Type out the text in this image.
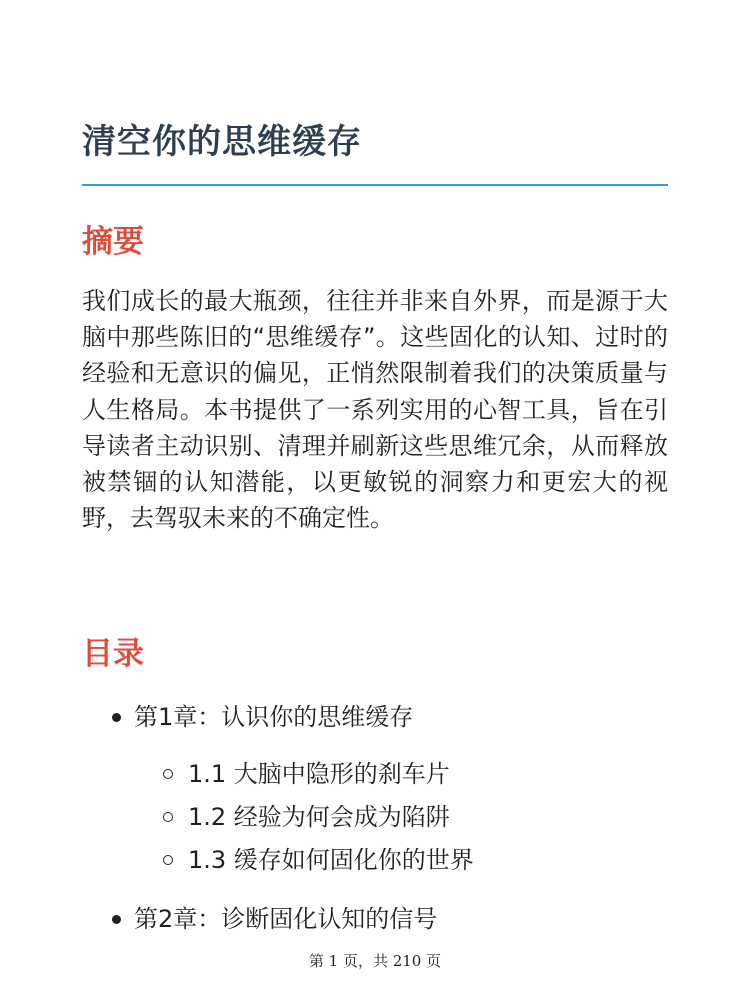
清空你的思维缓存
摘要

我们成长的最大瓶颈，往往并非来自外界，而是源于大脑中那些陈旧的“思维缓存”。这些固化的认知、过时的经验和无意识的偏见，正悄然限制着我们的决策质量与人生格局。本书提供了一系列实用的心智工具，旨在引导读者主动识别、清理并刷新这些思维冗余，从而释放被禁锢的认知潜能，以更敏锐的洞察力和更宏大的视野，去驾驭未来的不确定性。

目录
第1章：认识你的思维缓存
1.1 大脑中隐形的刹车片
1.2 经验为何会成为陷阱
1.3 缓存如何固化你的世界
第2章：诊断固化认知的信号
第 1 页，共 210 页
